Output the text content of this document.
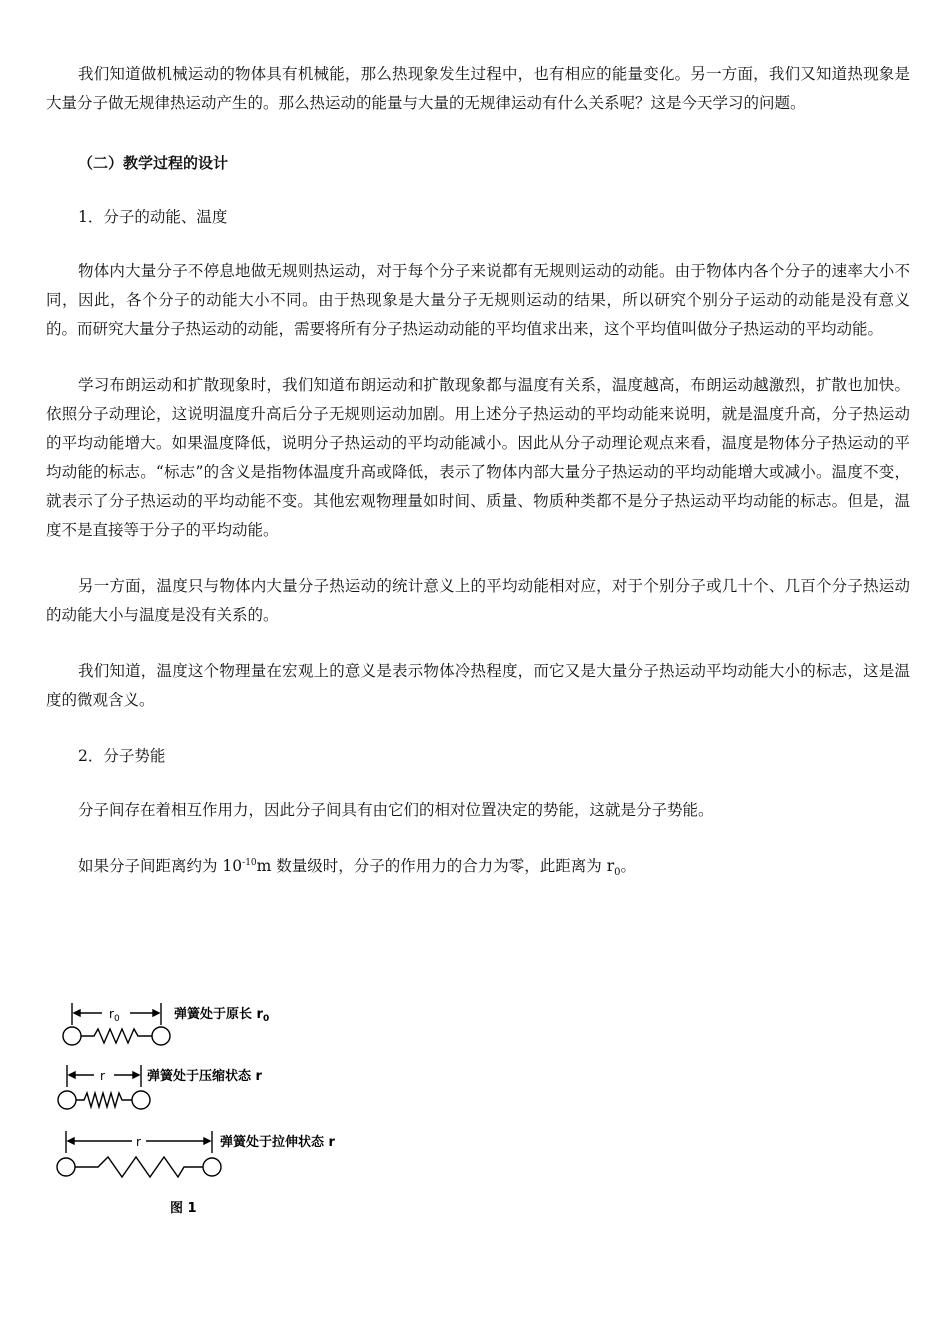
我们知道做机械运动的物体具有机械能，那么热现象发生过程中，也有相应的能量变化。另一方面，我们又知道热现象是大量分子做无规律热运动产生的。那么热运动的能量与大量的无规律运动有什么关系呢？这是今天学习的问题。

（二）教学过程的设计

1．分子的动能、温度

物体内大量分子不停息地做无规则热运动，对于每个分子来说都有无规则运动的动能。由于物体内各个分子的速率大小不同，因此，各个分子的动能大小不同。由于热现象是大量分子无规则运动的结果，所以研究个别分子运动的动能是没有意义的。而研究大量分子热运动的动能，需要将所有分子热运动动能的平均值求出来，这个平均值叫做分子热运动的平均动能。

学习布朗运动和扩散现象时，我们知道布朗运动和扩散现象都与温度有关系，温度越高，布朗运动越激烈，扩散也加快。依照分子动理论，这说明温度升高后分子无规则运动加剧。用上述分子热运动的平均动能来说明，就是温度升高，分子热运动的平均动能增大。如果温度降低，说明分子热运动的平均动能减小。因此从分子动理论观点来看，温度是物体分子热运动的平均动能的标志。“标志”的含义是指物体温度升高或降低，表示了物体内部大量分子热运动的平均动能增大或减小。温度不变，就表示了分子热运动的平均动能不变。其他宏观物理量如时间、质量、物质种类都不是分子热运动平均动能的标志。但是，温度不是直接等于分子的平均动能。

另一方面，温度只与物体内大量分子热运动的统计意义上的平均动能相对应，对于个别分子或几十个、几百个分子热运动的动能大小与温度是没有关系的。

我们知道，温度这个物理量在宏观上的意义是表示物体冷热程度，而它又是大量分子热运动平均动能大小的标志，这是温度的微观含义。

2．分子势能

分子间存在着相互作用力，因此分子间具有由它们的相对位置决定的势能，这就是分子势能。

如果分子间距离约为 $10^{-10}m$ 数量级时，分子的作用力的合力为零，此距离为 $r_0$。

$r_0$
r
r
弹簧处于原长 $r_0$
弹簧处于压缩状态 r
弹簧处于拉伸状态 r
图 1
